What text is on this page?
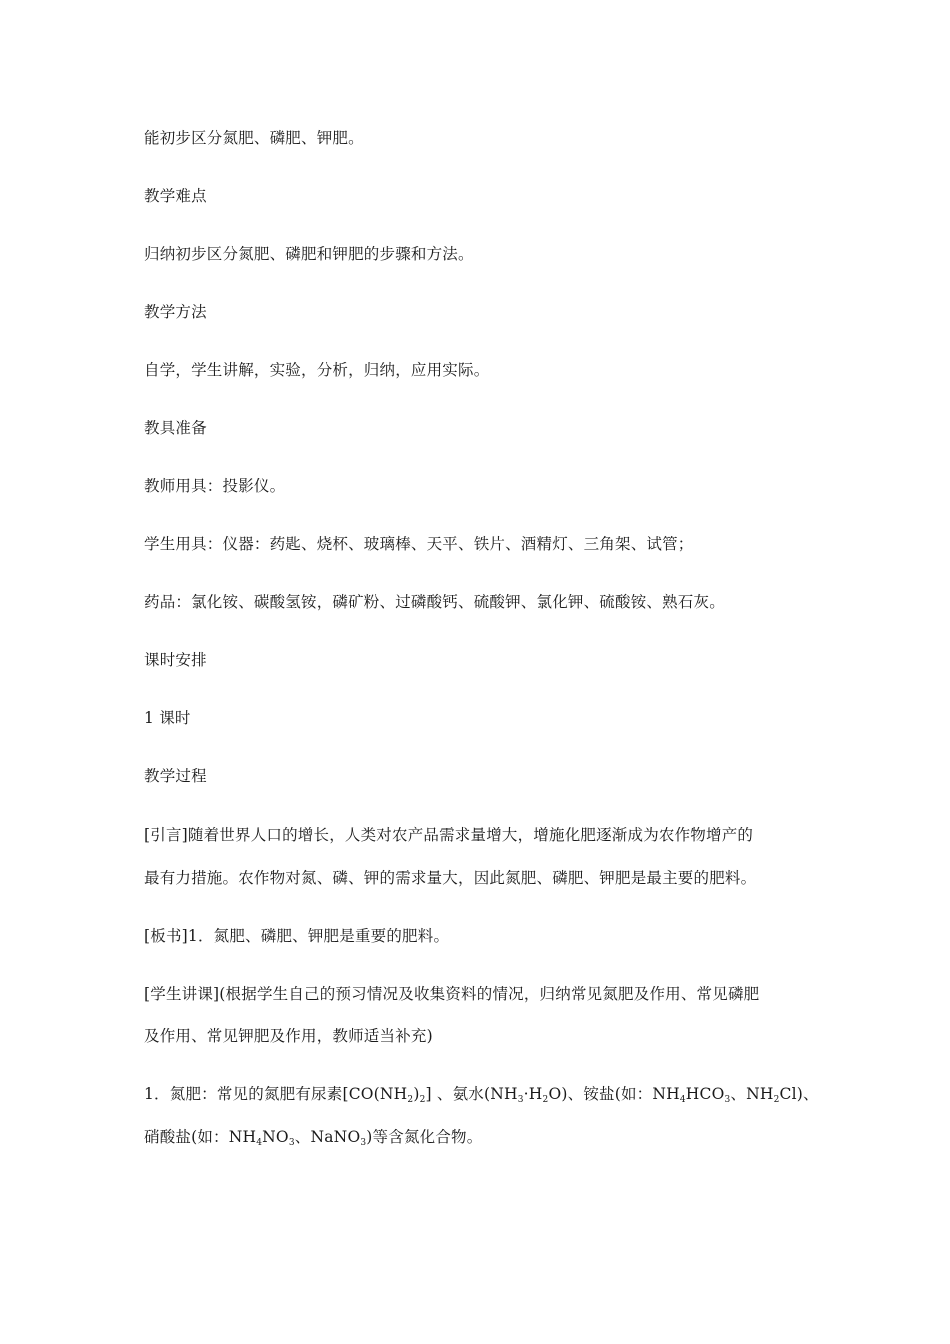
能初步区分氮肥、磷肥、钾肥。
教学难点
归纳初步区分氮肥、磷肥和钾肥的步骤和方法。
教学方法
自学，学生讲解，实验，分析，归纳，应用实际。
教具准备
教师用具：投影仪。
学生用具：仪器：药匙、烧杯、玻璃棒、天平、铁片、酒精灯、三角架、试管；
药品：氯化铵、碳酸氢铵，磷矿粉、过磷酸钙、硫酸钾、氯化钾、硫酸铵、熟石灰。
课时安排
1 课时
教学过程
[引言]随着世界人口的增长，人类对农产品需求量增大，增施化肥逐渐成为农作物增产的
最有力措施。农作物对氮、磷、钾的需求量大，因此氮肥、磷肥、钾肥是最主要的肥料。
[板书]1．氮肥、磷肥、钾肥是重要的肥料。
[学生讲课](根据学生自己的预习情况及收集资料的情况，归纳常见氮肥及作用、常见磷肥
及作用、常见钾肥及作用，教师适当补充)
1．氮肥：常见的氮肥有尿素$[CO(NH_2)_2]$ 、氨水$(NH_3\cdot H_2O)$、铵盐(如：$NH_4HCO_3$、$NH_2Cl$)、
硝酸盐(如：$NH_4NO_3$、NaNO$_3$)等含氮化合物。
